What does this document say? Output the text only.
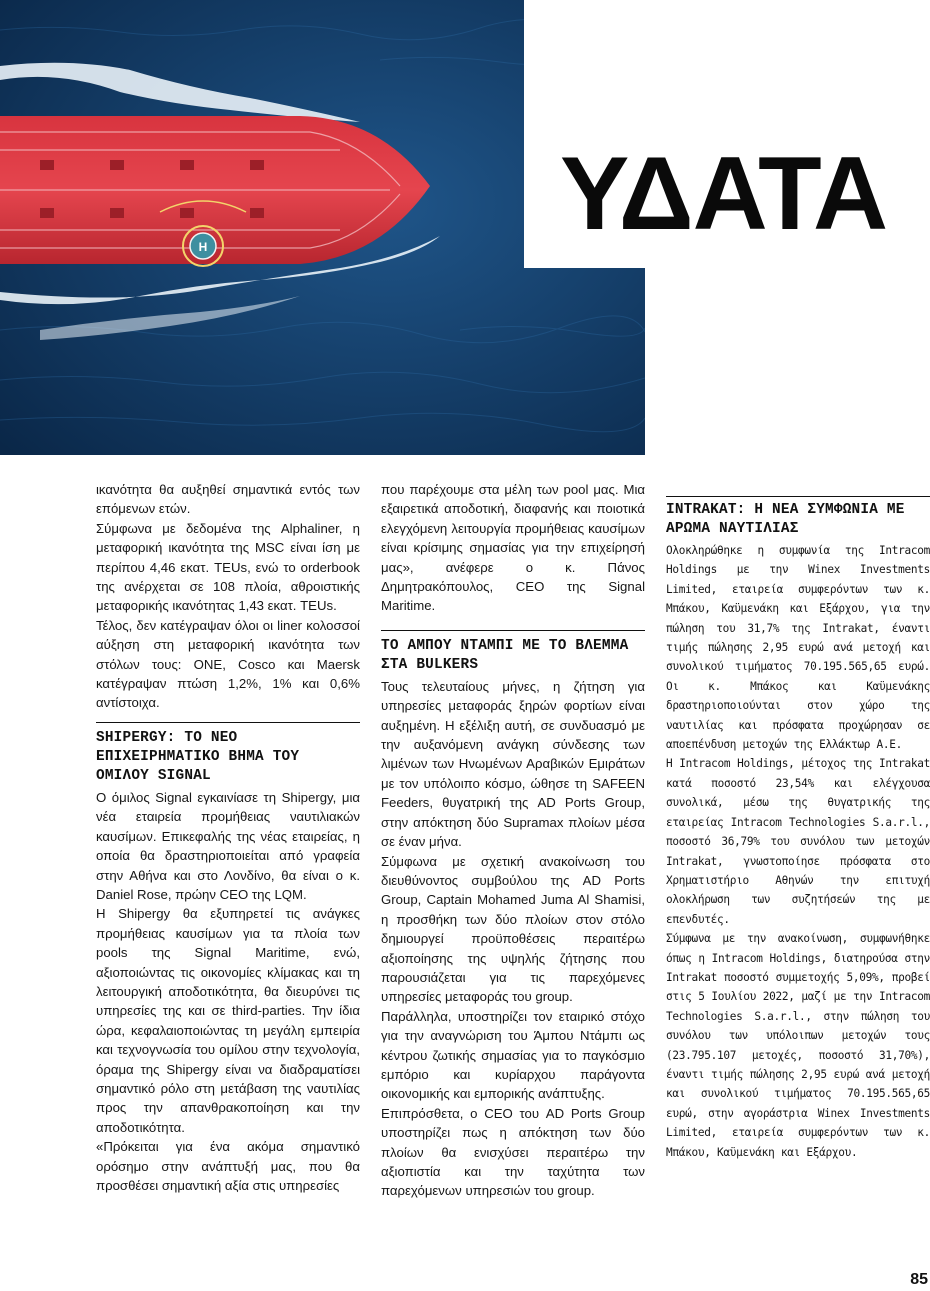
H	ΥΔΑΤΑ

ικανότητα θα αυξηθεί σημαντικά εντός των επόμενων ετών.

Σύμφωνα με δεδομένα της Alphaliner, η μεταφορική ικανότητα της MSC είναι ίση με περίπου 4,46 εκατ. TEUs, ενώ το orderbook της ανέρχεται σε 108 πλοία, αθροιστικής μεταφορικής ικανότητας 1,43 εκατ. TEUs.

Τέλος, δεν κατέγραψαν όλοι οι liner κολοσσοί αύξηση στη μεταφορική ικανότητα των στόλων τους: ONE, Cosco και Maersk κατέγραψαν πτώση 1,2%, 1% και 0,6% αντίστοιχα.

SHIPERGY: ΤΟ ΝΕΟ ΕΠΙΧΕΙΡΗΜΑΤΙΚΟ ΒΗΜΑ ΤΟΥ ΟΜΙΛΟΥ SIGNAL

Ο όμιλος Signal εγκαινίασε τη Shipergy, μια νέα εταιρεία προμήθειας ναυτιλιακών καυσίμων. Επικεφαλής της νέας εταιρείας, η οποία θα δραστηριοποιείται από γραφεία στην Αθήνα και στο Λονδίνο, θα είναι ο κ. Daniel Rose, πρώην CEO της LQM.

Η Shipergy θα εξυπηρετεί τις ανάγκες προμήθειας καυσίμων για τα πλοία των pools της Signal Maritime, ενώ, αξιοποιώντας τις οικονομίες κλίμακας και τη λειτουργική αποδοτικότητα, θα διευρύνει τις υπηρεσίες της και σε third-parties. Την ίδια ώρα, κεφαλαιοποιώντας τη μεγάλη εμπειρία και τεχνογνωσία του ομίλου στην τεχνολογία, όραμα της Shipergy είναι να διαδραματίσει σημαντικό ρόλο στη μετάβαση της ναυτιλίας προς την απανθρακοποίηση και την αποδοτικότητα.

«Πρόκειται για ένα ακόμα σημαντικό ορόσημο στην ανάπτυξή μας, που θα προσθέσει σημαντική αξία στις υπηρεσίες

που παρέχουμε στα μέλη των pool μας. Μια εξαιρετικά αποδοτική, διαφανής και ποιοτικά ελεγχόμενη λειτουργία προμήθειας καυσίμων είναι κρίσιμης σημασίας για την επιχείρησή μας», ανέφερε ο κ. Πάνος Δημητρακόπουλος, CEO της Signal Maritime.

ΤΟ ΑΜΠΟΥ ΝΤΑΜΠΙ ΜΕ ΤΟ ΒΛΕΜΜΑ ΣΤΑ BULKERS

Τους τελευταίους μήνες, η ζήτηση για υπηρεσίες μεταφοράς ξηρών φορτίων είναι αυξημένη. Η εξέλιξη αυτή, σε συνδυασμό με την αυξανόμενη ανάγκη σύνδεσης των λιμένων των Ηνωμένων Αραβικών Εμιράτων με τον υπόλοιπο κόσμο, ώθησε τη SAFEEN Feeders, θυγατρική της AD Ports Group, στην απόκτηση δύο Supramax πλοίων μέσα σε έναν μήνα.

Σύμφωνα με σχετική ανακοίνωση του διευθύνοντος συμβούλου της AD Ports Group, Captain Mohamed Juma Al Shamisi, η προσθήκη των δύο πλοίων στον στόλο δημιουργεί προϋποθέσεις περαιτέρω αξιοποίησης της υψηλής ζήτησης που παρουσιάζεται για τις παρεχόμενες υπηρεσίες μεταφοράς του group.

Παράλληλα, υποστηρίζει τον εταιρικό στόχο για την αναγνώριση του Άμπου Ντάμπι ως κέντρου ζωτικής σημασίας για το παγκόσμιο εμπόριο και κυρίαρχου παράγοντα οικονομικής και εμπορικής ανάπτυξης.

Επιπρόσθετα, ο CEO του AD Ports Group υποστηρίζει πως η απόκτηση των δύο πλοίων θα ενισχύσει περαιτέρω την αξιοπιστία και την ταχύτητα των παρεχόμενων υπηρεσιών του group.

INTRAKAT: Η ΝΕΑ ΣΥΜΦΩΝΙΑ ΜΕ ΑΡΩΜΑ ΝΑΥΤΙΛΙΑΣ

Ολοκληρώθηκε η συμφωνία της Intracom Holdings με την Winex Investments Limited, εταιρεία συμφερόντων των κ. Μπάκου, Καϋμενάκη και Εξάρχου, για την πώληση του 31,7% της Intrakat, έναντι τιμής πώλησης 2,95 ευρώ ανά μετοχή και συνολικού τιμήματος 70.195.565,65 ευρώ. Οι κ. Μπάκος και Καϋμενάκης δραστηριοποιούνται στον χώρο της ναυτιλίας και πρόσφατα προχώρησαν σε αποεπένδυση μετοχών της Ελλάκτωρ Α.Ε.

Η Intracom Holdings, μέτοχος της Intrakat κατά ποσοστό 23,54% και ελέγχουσα συνολικά, μέσω της θυγατρικής της εταιρείας Intracom Technologies S.a.r.l., ποσοστό 36,79% του συνόλου των μετοχών Intrakat, γνωστοποίησε πρόσφατα στο Χρηματιστήριο Αθηνών την επιτυχή ολοκλήρωση των συζητήσεών της με επενδυτές.

Σύμφωνα με την ανακοίνωση, συμφωνήθηκε όπως η Intracom Holdings, διατηρούσα στην Intrakat ποσοστό συμμετοχής 5,09%, προβεί στις 5 Ιουλίου 2022, μαζί με την Intracom Technologies S.a.r.l., στην πώληση του συνόλου των υπόλοιπων μετοχών τους (23.795.107 μετοχές, ποσοστό 31,70%), έναντι τιμής πώλησης 2,95 ευρώ ανά μετοχή και συνολικού τιμήματος 70.195.565,65 ευρώ, στην αγοράστρια Winex Investments Limited, εταιρεία συμφερόντων των κ. Μπάκου, Καϋμενάκη και Εξάρχου.

85
